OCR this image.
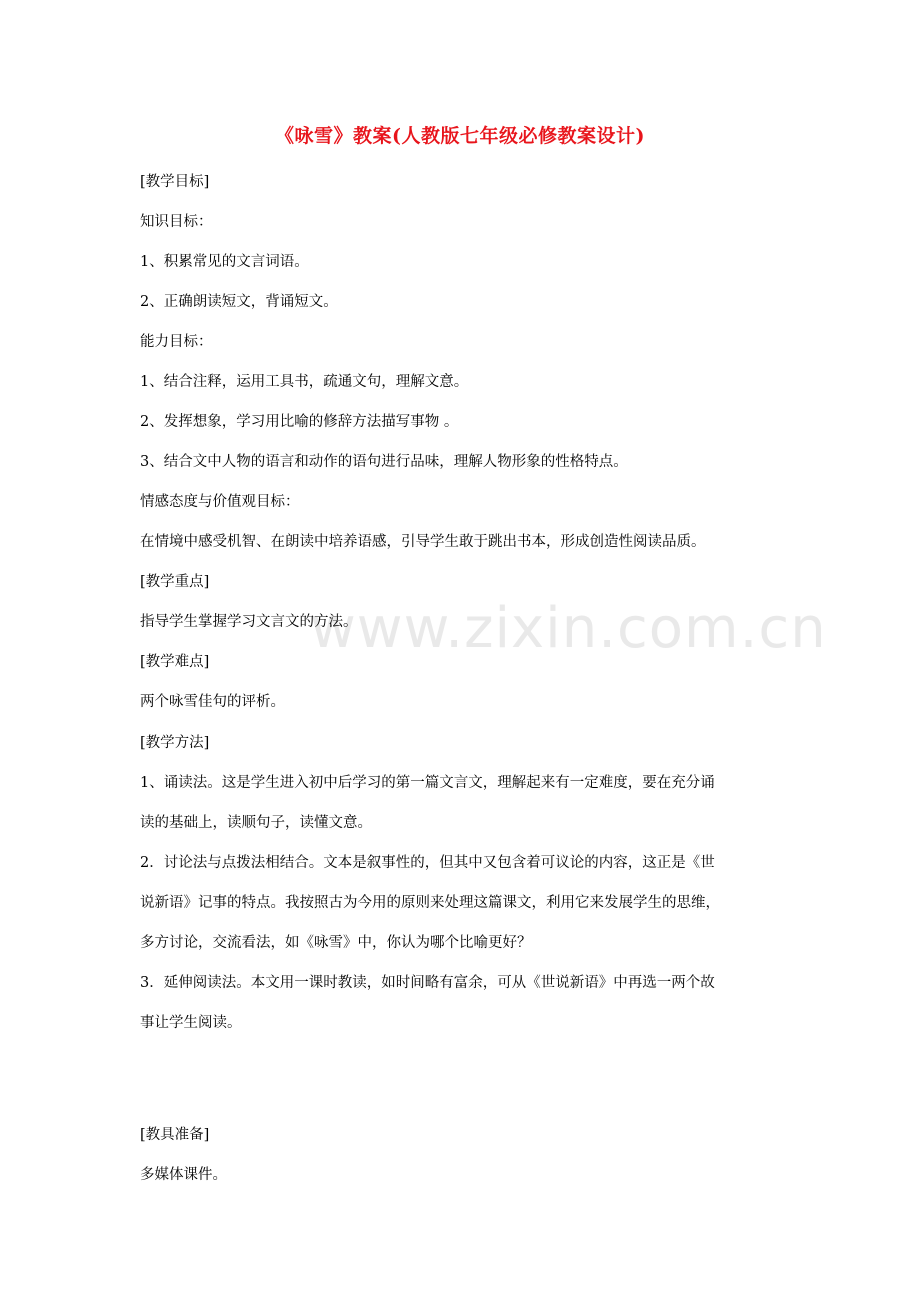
www.zixin.com.cn
《咏雪》教案(人教版七年级必修教案设计)
[教学目标]
知识目标：
1、积累常见的文言词语。
2、正确朗读短文，背诵短文。
能力目标：
1、结合注释，运用工具书，疏通文句，理解文意。
2、发挥想象，学习用比喻的修辞方法描写事物 。
3、结合文中人物的语言和动作的语句进行品味，理解人物形象的性格特点。
情感态度与价值观目标：
在情境中感受机智、在朗读中培养语感，引导学生敢于跳出书本，形成创造性阅读品质。
[教学重点]
指导学生掌握学习文言文的方法。
[教学难点]
两个咏雪佳句的评析。
[教学方法]
1、诵读法。这是学生进入初中后学习的第一篇文言文，理解起来有一定难度，要在充分诵
读的基础上，读顺句子，读懂文意。
2．讨论法与点拨法相结合。文本是叙事性的，但其中又包含着可议论的内容，这正是《世
说新语》记事的特点。我按照古为今用的原则来处理这篇课文，利用它来发展学生的思维，
多方讨论，交流看法，如《咏雪》中，你认为哪个比喻更好？
3．延伸阅读法。本文用一课时教读，如时间略有富余，可从《世说新语》中再选一两个故
事让学生阅读。
[教具准备]
多媒体课件。
